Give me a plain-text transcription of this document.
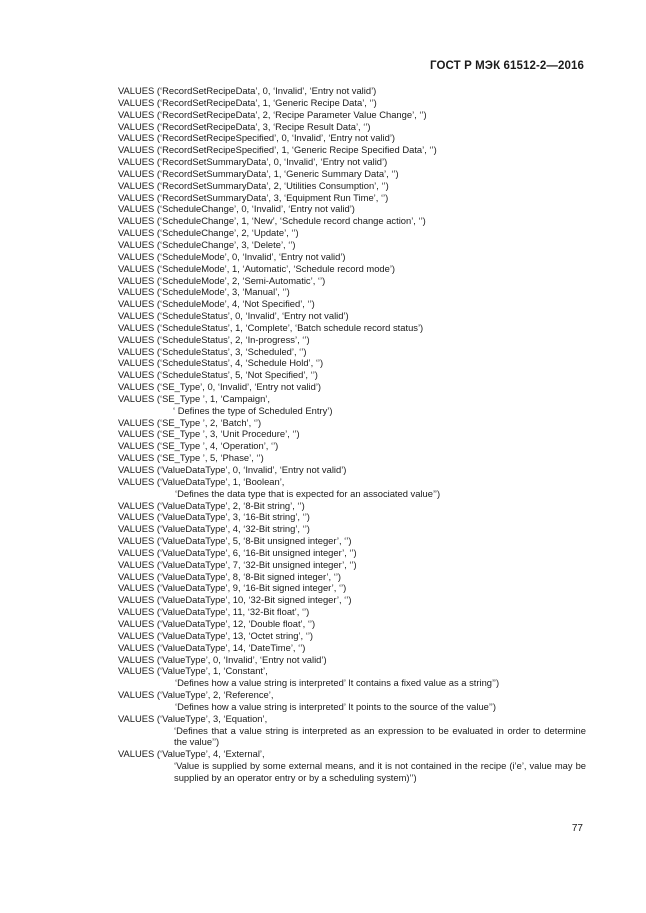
ГОСТ Р МЭК 61512-2—2016
VALUES (‘RecordSetRecipeData’, 0, ‘Invalid’, ‘Entry not valid’)
VALUES (‘RecordSetRecipeData’, 1, ‘Generic Recipe Data’, ‘’)
VALUES (‘RecordSetRecipeData’, 2, ‘Recipe Parameter Value Change’, ‘’)
VALUES (‘RecordSetRecipeData’, 3, ‘Recipe Result Data’, ‘’)
VALUES (‘RecordSetRecipeSpecified’, 0, ‘Invalid’, ‘Entry not valid’)
VALUES (‘RecordSetRecipeSpecified’, 1, ‘Generic Recipe Specified Data’, ‘’)
VALUES (‘RecordSetSummaryData’, 0, ‘Invalid’, ‘Entry not valid’)
VALUES (‘RecordSetSummaryData’, 1, ‘Generic Summary Data’, ‘’)
VALUES (‘RecordSetSummaryData’, 2, ‘Utilities Consumption’, ‘’)
VALUES (‘RecordSetSummaryData’, 3, ‘Equipment Run Time’, ‘’)
VALUES (‘ScheduleChange’, 0, ‘Invalid’, ‘Entry not valid’)
VALUES (‘ScheduleChange’, 1, ‘New’, ‘Schedule record change action’, ‘’)
VALUES (‘ScheduleChange’, 2, ‘Update’, ‘’)
VALUES (‘ScheduleChange’, 3, ‘Delete’, ‘’)
VALUES (‘ScheduleMode’, 0, ‘Invalid’, ‘Entry not valid’)
VALUES (‘ScheduleMode’, 1, ‘Automatic’, ‘Schedule record mode’)
VALUES (‘ScheduleMode’, 2, ‘Semi-Automatic’, ‘’)
VALUES (‘ScheduleMode’, 3, ‘Manual’, ‘’)
VALUES (‘ScheduleMode’, 4, ‘Not Specified’, ‘’)
VALUES (‘ScheduleStatus’, 0, ‘Invalid’, ‘Entry not valid’)
VALUES (‘ScheduleStatus’, 1, ‘Complete’, ‘Batch schedule record status’)
VALUES (‘ScheduleStatus’, 2, ‘In-progress’, ‘’)
VALUES (‘ScheduleStatus’, 3, ‘Scheduled’, ‘’)
VALUES (‘ScheduleStatus’, 4, ‘Schedule Hold’, ‘’)
VALUES (‘ScheduleStatus’, 5, ‘Not Specified’, ‘’)
VALUES (‘SE_Type’, 0, ‘Invalid’, ‘Entry not valid’)
VALUES (‘SE_Type ’, 1, ‘Campaign’,
‘ Defines the type of Scheduled Entry’)
VALUES (‘SE_Type ’, 2, ‘Batch’, ‘’)
VALUES (‘SE_Type ’, 3, ‘Unit Procedure’, ‘’)
VALUES (‘SE_Type ’, 4, ‘Operation’, ‘’)
VALUES (‘SE_Type ’, 5, ‘Phase’, ‘’)
VALUES (‘ValueDataType’, 0, ‘Invalid’, ‘Entry not valid’)
VALUES (‘ValueDataType’, 1, ‘Boolean’,
‘Defines the data type that is expected for an associated value’’)
VALUES (‘ValueDataType’, 2, ‘8-Bit string’, ‘’)
VALUES (‘ValueDataType’, 3, ‘16-Bit string’, ‘’)
VALUES (‘ValueDataType’, 4, ‘32-Bit string’, ‘’)
VALUES (‘ValueDataType’, 5, ‘8-Bit unsigned integer’, ‘’)
VALUES (‘ValueDataType’, 6, ‘16-Bit unsigned integer’, ‘’)
VALUES (‘ValueDataType’, 7, ‘32-Bit unsigned integer’, ‘’)
VALUES (‘ValueDataType’, 8, ‘8-Bit signed integer’, ‘’)
VALUES (‘ValueDataType’, 9, ‘16-Bit signed integer’, ‘’)
VALUES (‘ValueDataType’, 10, ‘32-Bit signed integer’, ‘’)
VALUES (‘ValueDataType’, 11, ‘32-Bit float’, ‘’)
VALUES (‘ValueDataType’, 12, ‘Double float’, ‘’)
VALUES (‘ValueDataType’, 13, ‘Octet string’, ‘’)
VALUES (‘ValueDataType’, 14, ‘DateTime’, ‘’)
VALUES (‘ValueType’, 0, ‘Invalid’, ‘Entry not valid’)
VALUES (‘ValueType’, 1, ‘Constant’,
‘Defines how a value string is interpreted’ It contains a fixed value as a string’’)
VALUES (‘ValueType’, 2, ‘Reference’,
‘Defines how a value string is interpreted’ It points to the source of the value’’)
VALUES (‘ValueType’, 3, ‘Equation’,
‘Defines that a value string is interpreted as an expression to be evaluated in order to determine the value’’)
VALUES (‘ValueType’, 4, ‘External’,
‘Value is supplied by some external means, and it is not contained in the recipe (i’e’, value may be supplied by an operator entry or by a scheduling system)’’)
77
